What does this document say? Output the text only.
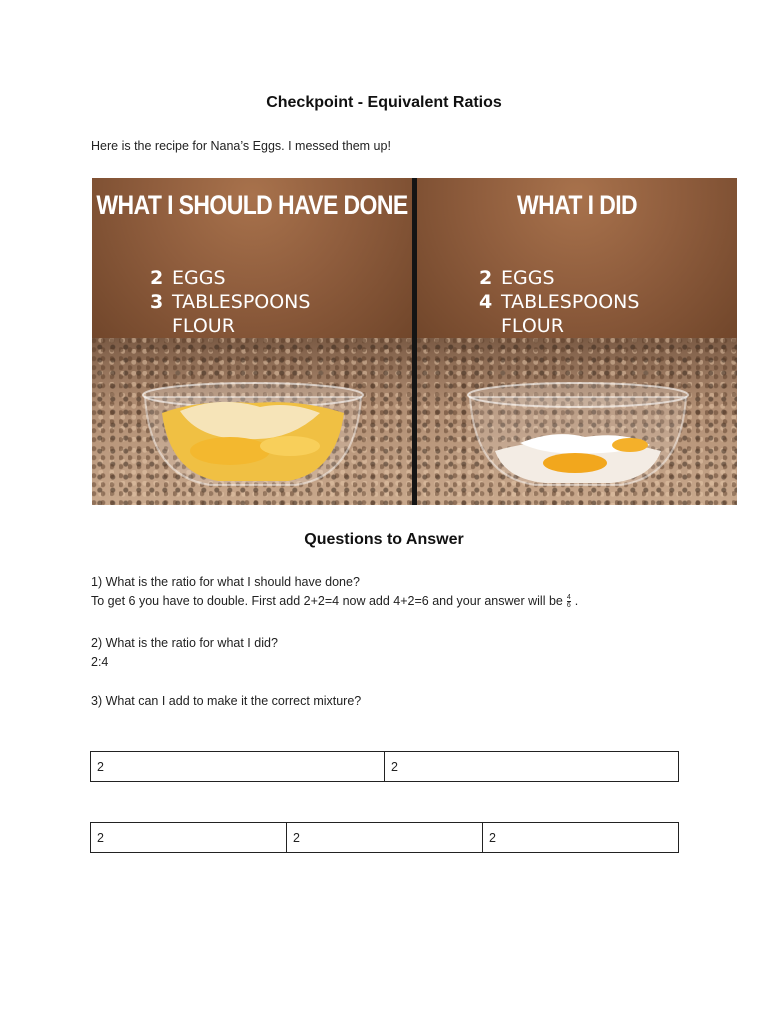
Checkpoint - Equivalent Ratios
Here is the recipe for Nana’s Eggs. I messed them up!
WHAT I SHOULD HAVE DONE
2 EGGS
3 TABLESPOONS
FLOUR
WHAT I DID
2 EGGS
4 TABLESPOONS
FLOUR
Questions to Answer
1) What is the ratio for what I should have done?
To get 6 you have to double. First add 2+2=4 now add 4+2=6 and your answer will be $\frac{4}{6}$ .
2) What is the ratio for what I did?
2:4
3) What can I add to make it the correct mixture?
2	2
2	2	2
